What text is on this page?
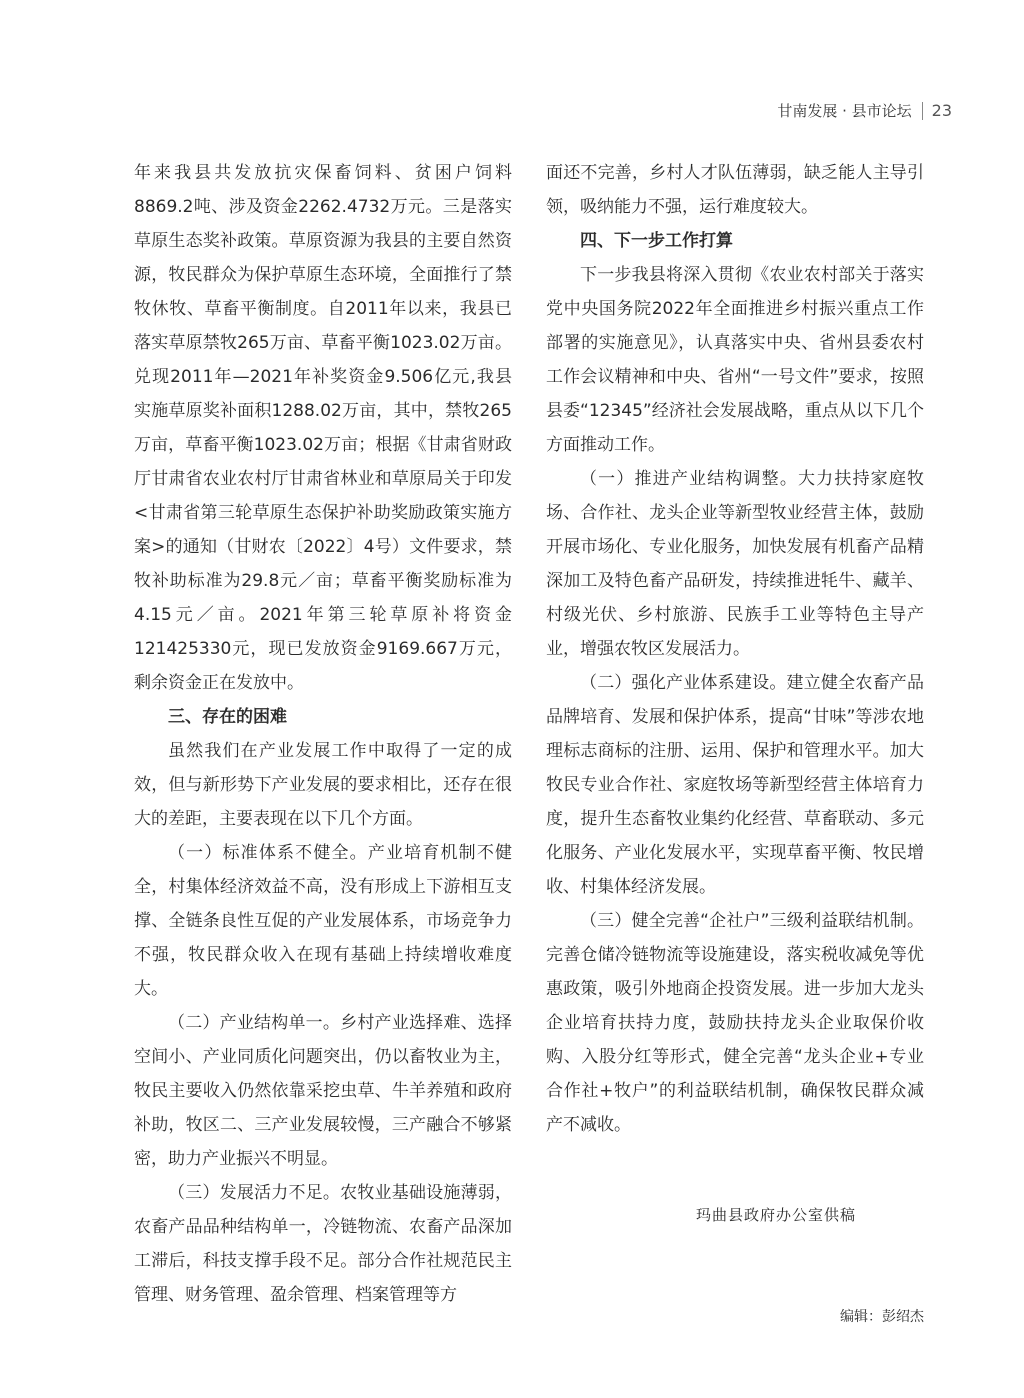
甘南发展 · 县市论坛 23

年来我县共发放抗灾保畜饲料、贫困户饲料8869.2吨、涉及资金2262.4732万元。三是落实草原生态奖补政策。草原资源为我县的主要自然资源，牧民群众为保护草原生态环境，全面推行了禁牧休牧、草畜平衡制度。自2011年以来，我县已落实草原禁牧265万亩、草畜平衡1023.02万亩。兑现2011年—2021年补奖资金9.506亿元,我县实施草原奖补面积1288.02万亩，其中，禁牧265万亩，草畜平衡1023.02万亩；根据《甘肃省财政厅甘肃省农业农村厅甘肃省林业和草原局关于印发<甘肃省第三轮草原生态保护补助奖励政策实施方案>的通知（甘财农〔2022〕4号）文件要求，禁牧补助标准为29.8元／亩；草畜平衡奖励标准为4.15元／亩。2021年第三轮草原补将资金121425330元，现已发放资金9169.667万元，剩余资金正在发放中。

三、存在的困难

虽然我们在产业发展工作中取得了一定的成效，但与新形势下产业发展的要求相比，还存在很大的差距，主要表现在以下几个方面。

（一）标准体系不健全。产业培育机制不健全，村集体经济效益不高，没有形成上下游相互支撑、全链条良性互促的产业发展体系，市场竞争力不强，牧民群众收入在现有基础上持续增收难度大。

（二）产业结构单一。乡村产业选择难、选择空间小、产业同质化问题突出，仍以畜牧业为主，牧民主要收入仍然依靠采挖虫草、牛羊养殖和政府补助，牧区二、三产业发展较慢，三产融合不够紧密，助力产业振兴不明显。

（三）发展活力不足。农牧业基础设施薄弱，农畜产品品种结构单一，冷链物流、农畜产品深加工滞后，科技支撑手段不足。部分合作社规范民主管理、财务管理、盈余管理、档案管理等方

面还不完善，乡村人才队伍薄弱，缺乏能人主导引领，吸纳能力不强，运行难度较大。

四、下一步工作打算

下一步我县将深入贯彻《农业农村部关于落实党中央国务院2022年全面推进乡村振兴重点工作部署的实施意见》，认真落实中央、省州县委农村工作会议精神和中央、省州“一号文件”要求，按照县委“12345”经济社会发展战略，重点从以下几个方面推动工作。

（一）推进产业结构调整。大力扶持家庭牧场、合作社、龙头企业等新型牧业经营主体，鼓励开展市场化、专业化服务，加快发展有机畜产品精深加工及特色畜产品研发，持续推进牦牛、藏羊、村级光伏、乡村旅游、民族手工业等特色主导产业，增强农牧区发展活力。

（二）强化产业体系建设。建立健全农畜产品品牌培育、发展和保护体系，提高“甘味”等涉农地理标志商标的注册、运用、保护和管理水平。加大牧民专业合作社、家庭牧场等新型经营主体培育力度，提升生态畜牧业集约化经营、草畜联动、多元化服务、产业化发展水平，实现草畜平衡、牧民增收、村集体经济发展。

（三）健全完善“企社户”三级利益联结机制。完善仓储冷链物流等设施建设，落实税收减免等优惠政策，吸引外地商企投资发展。进一步加大龙头企业培育扶持力度，鼓励扶持龙头企业取保价收购、入股分红等形式，健全完善“龙头企业+专业合作社+牧户”的利益联结机制，确保牧民群众减产不减收。

玛曲县政府办公室供稿
编辑：彭绍杰
